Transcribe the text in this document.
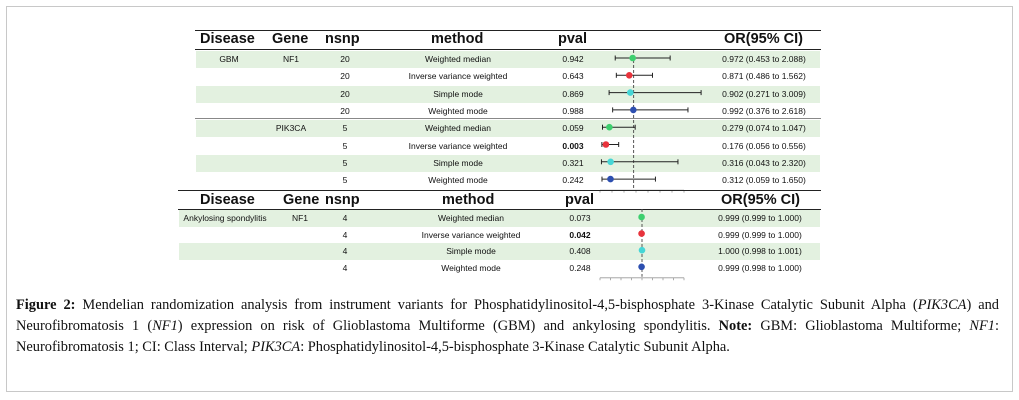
Disease Gene nsnp	method	pval	OR(95% CI)
GBM	NF1	20	Weighted median	0.942	0.972 (0.453 to 2.088)
20	Inverse variance weighted	0.643	0.871 (0.486 to 1.562)
20	Simple mode	0.869	0.902 (0.271 to 3.009)
20	Weighted mode	0.988	0.992 (0.376 to 2.618)
PIK3CA	5	Weighted median	0.059	0.279 (0.074 to 1.047)
5	Inverse variance weighted	0.003	0.176 (0.056 to 0.556)
5	Simple mode	0.321	0.316 (0.043 to 2.320)
5	Weighted mode	0.242	0.312 (0.059 to 1.650)
Disease Gene nsnp	method	pval	OR(95% CI)
Ankylosing spondylitis	NF1	4	Weighted median	0.073	0.999 (0.999 to 1.000)
4	Inverse variance weighted	0.042	0.999 (0.999 to 1.000)
4	Simple mode	0.408	1.000 (0.998 to 1.001)
4	Weighted mode	0.248	0.999 (0.998 to 1.000)
Figure 2: Mendelian randomization analysis from instrument variants for Phosphatidylinositol-4,5-bisphosphate 3-Kinase Catalytic Subunit Alpha (PIK3CA) and Neurofibromatosis 1 (NF1) expression on risk of Glioblastoma Multiforme (GBM) and ankylosing spondylitis. Note: GBM: Glioblastoma Multiforme; NF1: Neurofibromatosis 1; CI: Class Interval; PIK3CA: Phosphatidylinositol-4,5-bisphosphate 3-Kinase Catalytic Subunit Alpha.
